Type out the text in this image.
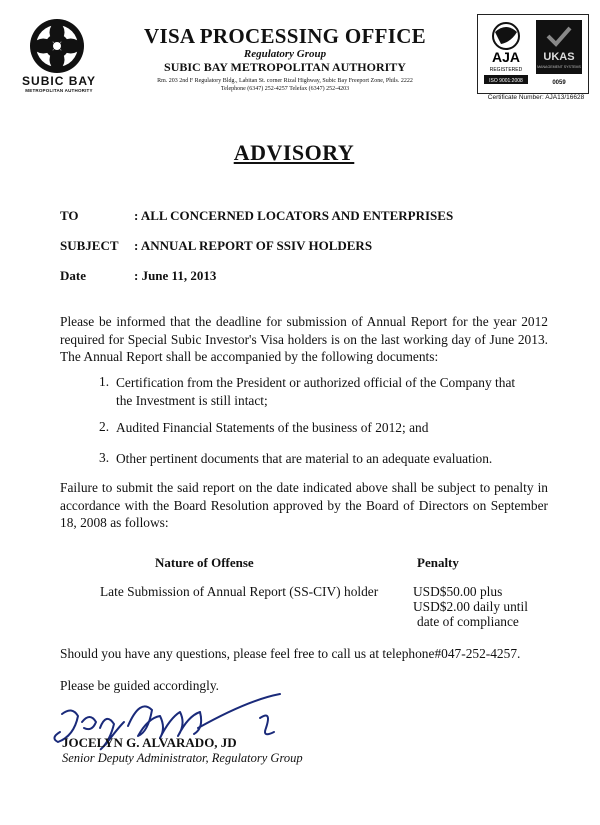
SUBIC BAY
METROPOLITAN AUTHORITY
VISA PROCESSING OFFICE
Regulatory Group
SUBIC BAY METROPOLITAN AUTHORITY
Rm. 203 2nd F Regulatory Bldg., Labitan St. corner Rizal Highway, Subic Bay Freeport Zone, Phils. 2222
Telephone (6347) 252-4257 Telefax (6347) 252-4203
AJA
REGISTERED
ISO 9001:2008
UKAS
MANAGEMENT SYSTEMS
0059
Certificate Number: AJA13/16628
ADVISORY
TO	: ALL CONCERNED LOCATORS AND ENTERPRISES
SUBJECT : ANNUAL REPORT OF SSIV HOLDERS
Date	: June 11, 2013
Please be informed that the deadline for submission of Annual Report for the year 2012 required for Special Subic Investor's Visa holders is on the last working day of June 2013. The Annual Report shall be accompanied by the following documents:
1. Certification from the President or authorized official of the Company that the Investment is still intact;
2. Audited Financial Statements of the business of 2012; and
3. Other pertinent documents that are material to an adequate evaluation.
Failure to submit the said report on the date indicated above shall be subject to penalty in accordance with the Board Resolution approved by the Board of Directors on September 18, 2008 as follows:
Nature of Offense	Penalty
Late Submission of Annual Report (SS-CIV) holder	USD$50.00 plus
USD$2.00 daily until
date of compliance
Should you have any questions, please feel free to call us at telephone#047-252-4257.
Please be guided accordingly.
JOCELYN G. ALVARADO, JD
Senior Deputy Administrator, Regulatory Group
